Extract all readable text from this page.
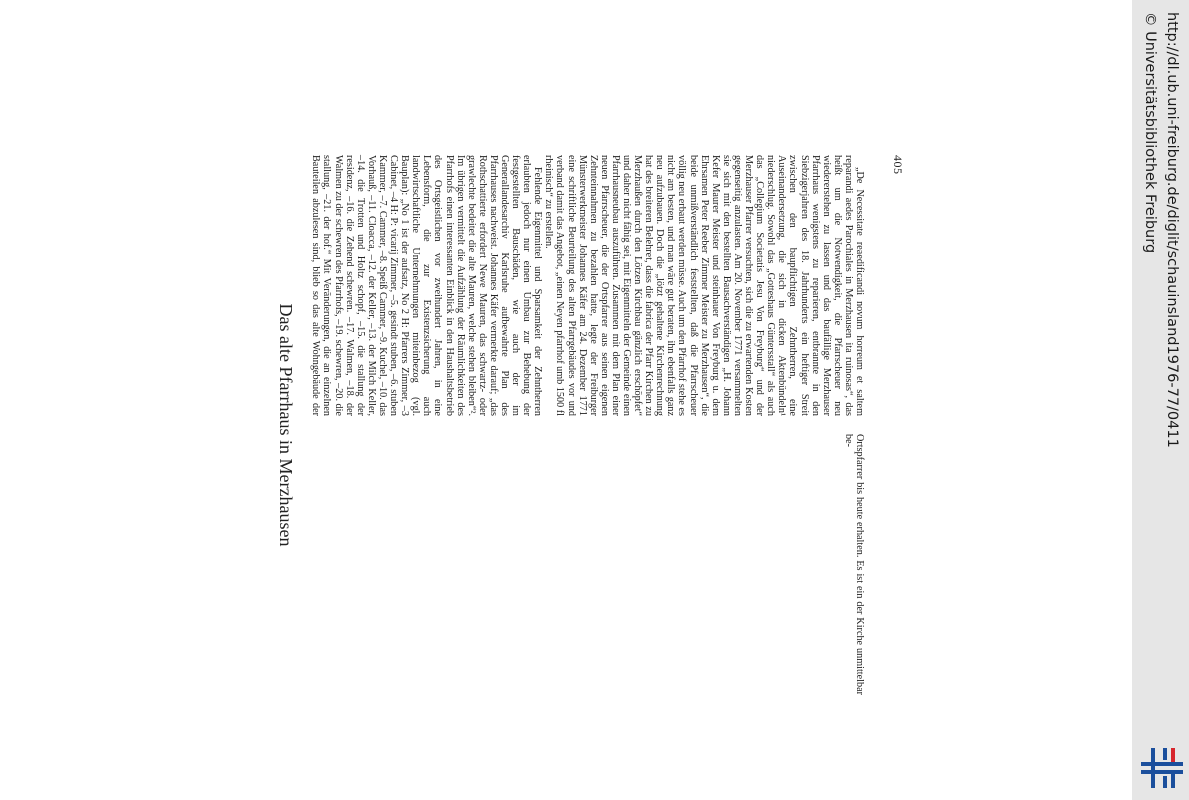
405

„De Necessitate reaedificandi novum horreum et saltem reparandi aedes Parochiales in Merzhausen ita ruinosas“, das heißt um die Notwendigkeit, die Pfarrscheuer neu wiedererstehen zu lassen und das baufällige Merzhauser Pfarrhaus wenigstens zu reparieren, entbrannte in den Siebzigerjahren des 18. Jahrhunderts ein heftiger Streit zwischen den baupflichtigen Zehntherren, eine Auseinandersetzung, die sich in dicken Aktenbündeln¹ niederschlug. Sowohl das „Gotteshaus Güntersstall“ als auch das „Collegium Societatis Jesu Von Freyburg“ und der Merzhauser Pfarrer versuchten, sich die zu erwartenden Kosten gegenseitig anzulasten. Am 20. November 1771 versammelten sie sich mit den bestellten Bausachverständigen „H. Johann Kefer Maurer Meister und steinhauer Von Freyburg u. dem Ehrsamen Peter Reeber Zimmer Meister zu Merzhausen“, die beide unmißverständlich feststellten, daß die Pfarrscheuer völlig neu erbaut werden müsse. Auch um den Pfarrhof stehe es nicht am besten, und man wäre gut beraten, ihn ebenfalls ganz neu aufzubauen. Doch die „lötzt gehaltene Kirchenrechnung hat des breiteren Belehret, dass die fabrica der Pfarr Kirchen zu Merzhaußen durch den Lötzen Kirchbau gänzlich erschöpfet“ und daher nicht fähig sei, mit Eigenmitteln der Gemeinde einen Pfarrhausneubau auszuführen. Zusammen mit dem Plan einer neuen Pfarrscheuer, die der Ortspfarrer aus seinen eigenen Zehnteinnahmen zu bezahlen hatte, legte der Freiburger Münsterwerkmeister Johannes Käfer am 24. Dezember 1771 eine schriftliche Beurteilung des alten Pfarrgebäudes vor und verband damit das Angebot, „einen Neyen pfarrhof umb 1500 fl rheinisch“ zu erstellen.

Fehlende Eigenmittel und Sparsamkeit der Zehntherren erlaubten jedoch nur einen Umbau zur Behebung der festgestellten Bauschäden, wie auch der im Generallandesarchiv Karlsruhe aufbewahrte Plan des Pfarrhauses nachweist. Johannes Käfer vermerkte darauf; „das Rothschattierte erfordert Newe Mauren, das schwartz- oder grawlechte bedeitet die alte Mauren, welche stehen bleiben“². Im übrigen vermittelt die Aufzählung der Räumlichkeiten des Pfarrhofs einen interessanten Einblick in den Haushaltsbetrieb des Ortsgeistlichen vor zweihundert Jahren, in eine Lebensform, die zur Existenzsicherung auch landwirtschaftliche Unternehmungen miteinbezog (vgl. Bauplan): „No 1 ist der aufsatz, No 2 H: Pfarrers Zimmer, –3 Cabinet, –4 H: P: vicarij Zimmer, –5. gesindt stuben, –6. stuben Kammer, –7. Cammer, –8. Speiß Cammer, –9. Kuchel, –10. das Vorhauß, –11. Cloacca, –12. der Keller, –13. der Milch Keller, –14. die Trotten und Holtz schopf, –15. die stallung der residenz, –16. die Zehend schewren. –17. Walmen, –18. der Walmen zu der schewren des Pfarrhofs, –19. schewren, –20. die stallung, –21. der hof.“ Mit Veränderungen, die an einzelnen Bauteilen abzulesen sind, blieb so das alte Wohngebäude der Ortspfarrer bis heute erhalten. Es ist ein der Kirche unmittelbar be-

Das alte Pfarrhaus in Merzhausen	http://dl.ub.uni-freiburg.de/diglit/schauinsland1976-77/0411
© Universitätsbibliothek Freiburg
